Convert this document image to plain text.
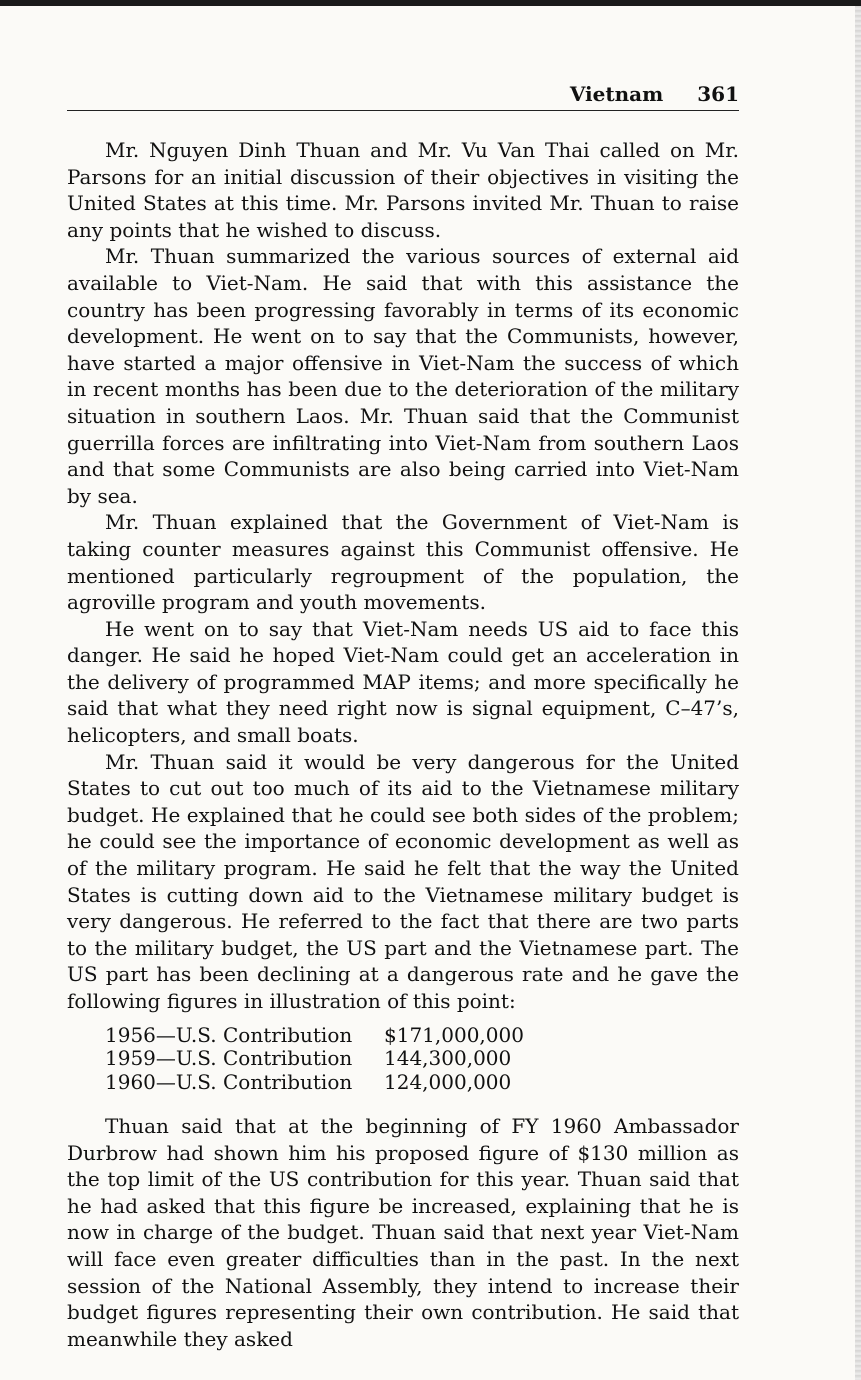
Vietnam 361

Mr. Nguyen Dinh Thuan and Mr. Vu Van Thai called on Mr. Parsons for an initial discussion of their objectives in visiting the United States at this time. Mr. Parsons invited Mr. Thuan to raise any points that he wished to discuss.

Mr. Thuan summarized the various sources of external aid available to Viet-Nam. He said that with this assistance the country has been progressing favorably in terms of its economic development. He went on to say that the Communists, however, have started a major offensive in Viet-Nam the success of which in recent months has been due to the deterioration of the military situation in southern Laos. Mr. Thuan said that the Communist guerrilla forces are infiltrating into Viet-Nam from southern Laos and that some Communists are also being carried into Viet-Nam by sea.

Mr. Thuan explained that the Government of Viet-Nam is taking counter measures against this Communist offensive. He mentioned particularly regroupment of the population, the agroville program and youth movements.

He went on to say that Viet-Nam needs US aid to face this danger. He said he hoped Viet-Nam could get an acceleration in the delivery of programmed MAP items; and more specifically he said that what they need right now is signal equipment, C–47’s, helicopters, and small boats.

Mr. Thuan said it would be very dangerous for the United States to cut out too much of its aid to the Vietnamese military budget. He explained that he could see both sides of the problem; he could see the importance of economic development as well as of the military program. He said he felt that the way the United States is cutting down aid to the Vietnamese military budget is very dangerous. He referred to the fact that there are two parts to the military budget, the US part and the Vietnamese part. The US part has been declining at a dangerous rate and he gave the following figures in illustration of this point:

1956—U.S. Contribution	$171,000,000
1959—U.S. Contribution	144,300,000
1960—U.S. Contribution	124,000,000

Thuan said that at the beginning of FY 1960 Ambassador Durbrow had shown him his proposed figure of $130 million as the top limit of the US contribution for this year. Thuan said that he had asked that this figure be increased, explaining that he is now in charge of the budget. Thuan said that next year Viet-Nam will face even greater difficulties than in the past. In the next session of the National Assembly, they intend to increase their budget figures representing their own contribution. He said that meanwhile they asked
